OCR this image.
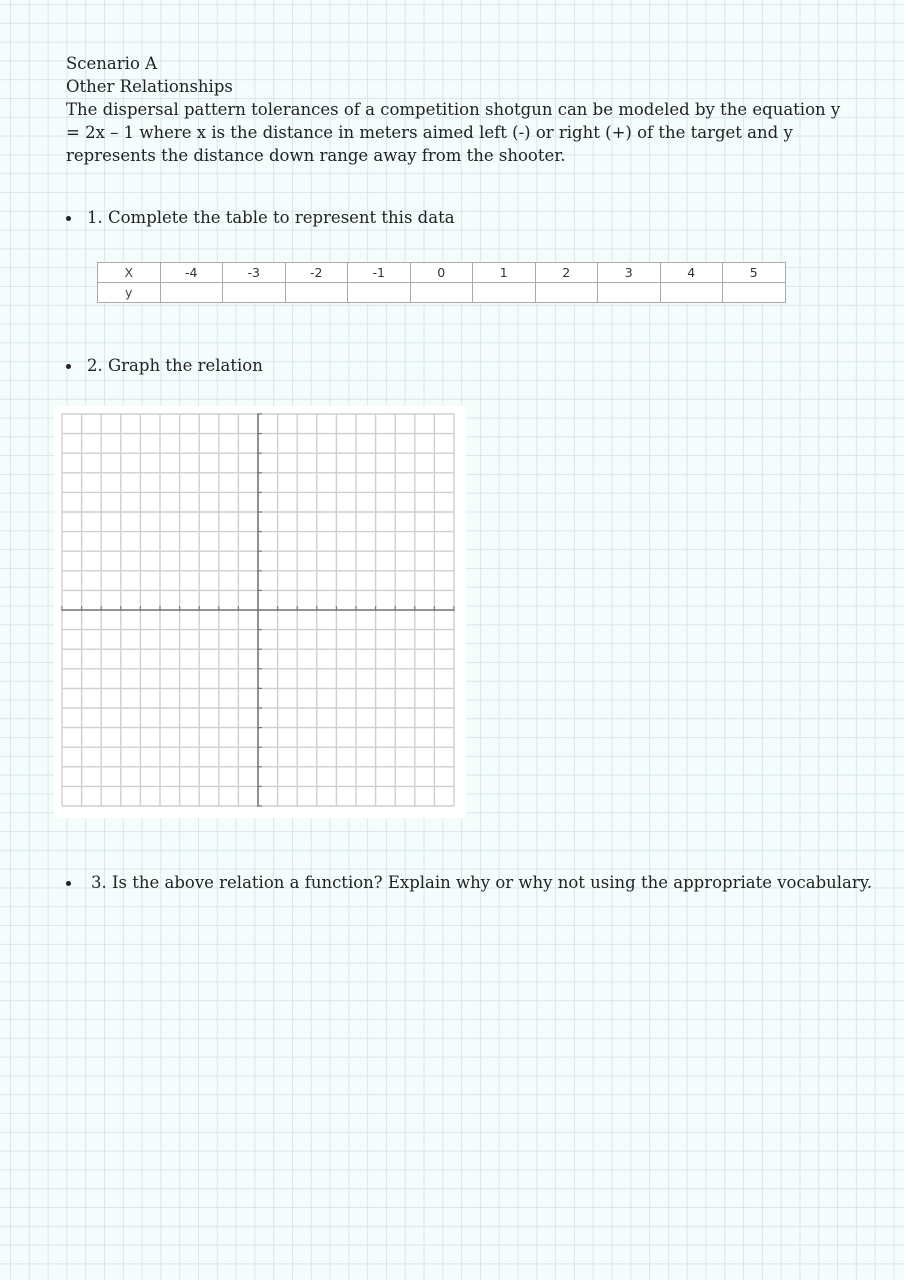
Scenario A
Other Relationships
The dispersal pattern tolerances of a competition shotgun can be modeled by the equation y = 2x – 1 where x is the distance in meters aimed left (-) or right (+) of the target and y represents the distance down range away from the shooter.
1. Complete the table to represent this data
X	-4	-3	-2	-1	0	1	2	3	4	5
y										
2. Graph the relation
3. Is the above relation a function? Explain why or why not using the appropriate vocabulary.
